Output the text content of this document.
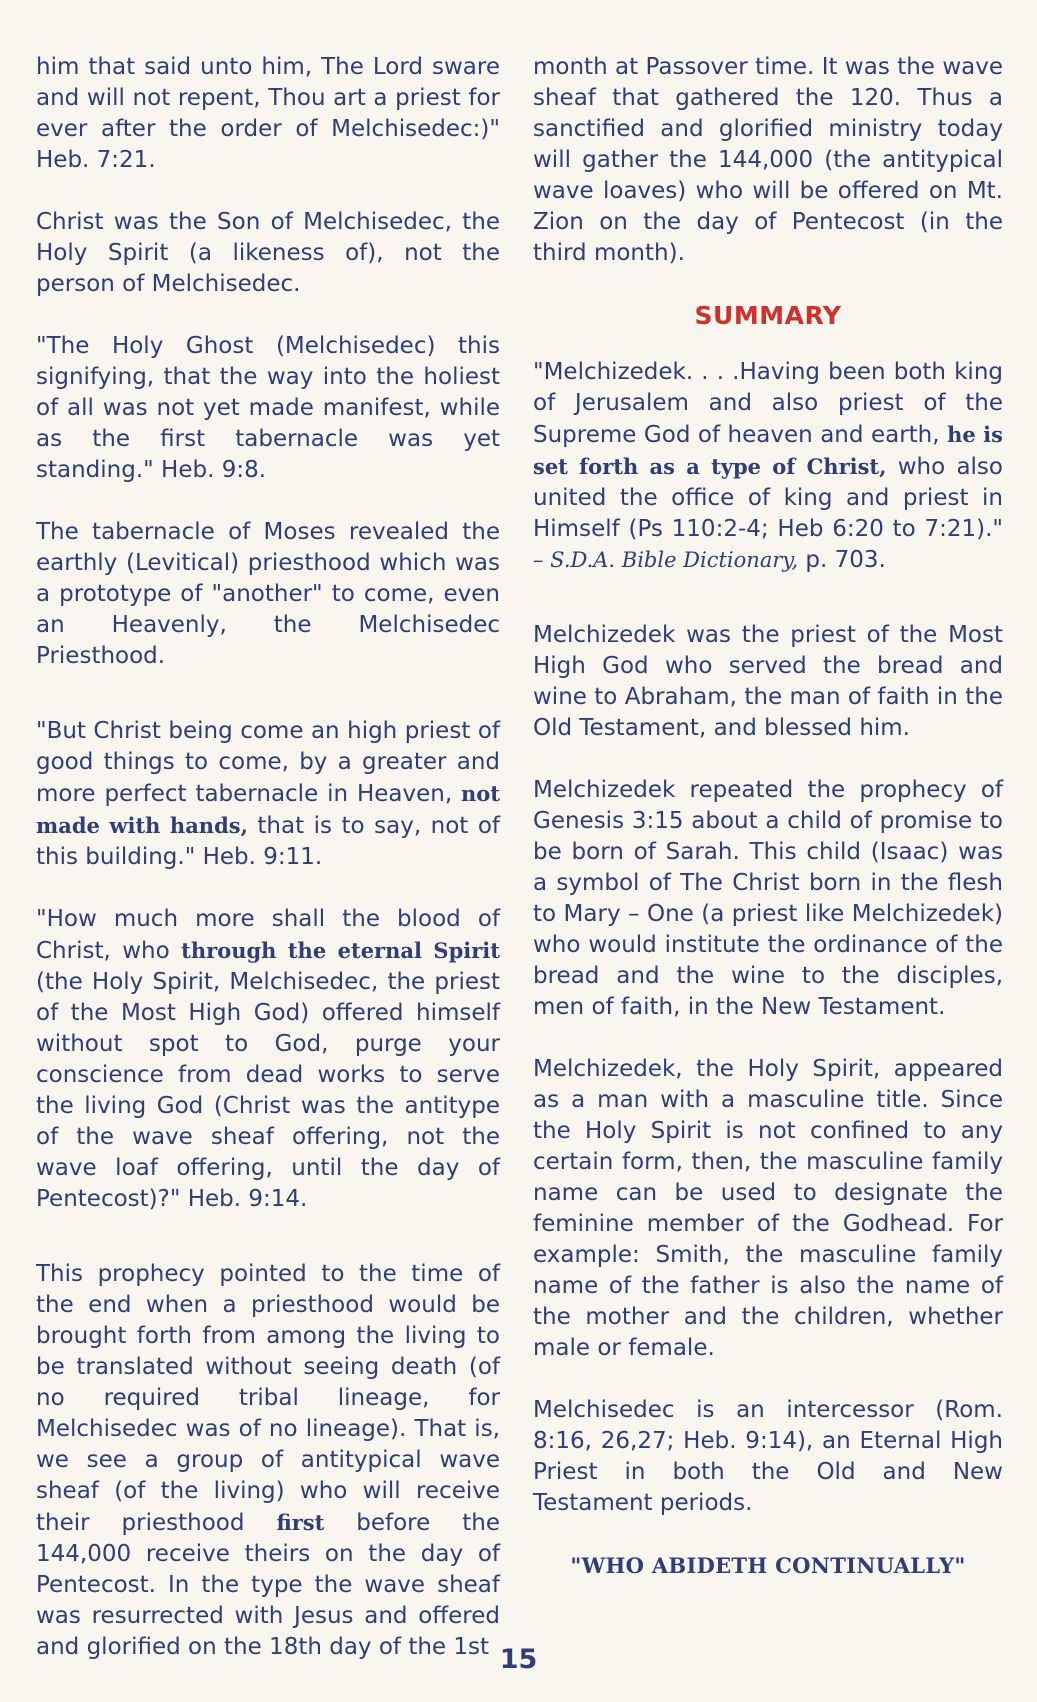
him that said unto him, The Lord sware and will not repent, Thou art a priest for ever after the order of Melchisedec:)" Heb. 7:21.

Christ was the Son of Melchisedec, the Holy Spirit (a likeness of), not the person of Melchisedec.

"The Holy Ghost (Melchisedec) this signifying, that the way into the holiest of all was not yet made manifest, while as the first tabernacle was yet standing." Heb. 9:8.

The tabernacle of Moses revealed the earthly (Levitical) priesthood which was a prototype of "another" to come, even an Heavenly, the Melchisedec Priesthood.

"But Christ being come an high priest of good things to come, by a greater and more perfect tabernacle in Heaven, not made with hands, that is to say, not of this building." Heb. 9:11.

"How much more shall the blood of Christ, who through the eternal Spirit (the Holy Spirit, Melchisedec, the priest of the Most High God) offered himself without spot to God, purge your conscience from dead works to serve the living God (Christ was the antitype of the wave sheaf offering, not the wave loaf offering, until the day of Pentecost)?" Heb. 9:14.

This prophecy pointed to the time of the end when a priesthood would be brought forth from among the living to be translated without seeing death (of no required tribal lineage, for Melchisedec was of no lineage). That is, we see a group of antitypical wave sheaf (of the living) who will receive their priesthood first before the 144,000 receive theirs on the day of Pentecost. In the type the wave sheaf was resurrected with Jesus and offered and glorified on the 18th day of the 1st

month at Passover time. It was the wave sheaf that gathered the 120. Thus a sanctified and glorified ministry today will gather the 144,000 (the antitypical wave loaves) who will be offered on Mt. Zion on the day of Pentecost (in the third month).

SUMMARY

"Melchizedek. . . .Having been both king of Jerusalem and also priest of the Supreme God of heaven and earth, he is set forth as a type of Christ, who also united the office of king and priest in Himself (Ps 110:2-4; Heb 6:20 to 7:21)." – S.D.A. Bible Dictionary, p. 703.

Melchizedek was the priest of the Most High God who served the bread and wine to Abraham, the man of faith in the Old Testament, and blessed him.

Melchizedek repeated the prophecy of Genesis 3:15 about a child of promise to be born of Sarah. This child (Isaac) was a symbol of The Christ born in the flesh to Mary – One (a priest like Melchizedek) who would institute the ordinance of the bread and the wine to the disciples, men of faith, in the New Testament.

Melchizedek, the Holy Spirit, appeared as a man with a masculine title. Since the Holy Spirit is not confined to any certain form, then, the masculine family name can be used to designate the feminine member of the Godhead. For example: Smith, the masculine family name of the father is also the name of the mother and the children, whether male or female.

Melchisedec is an intercessor (Rom. 8:16, 26,27; Heb. 9:14), an Eternal High Priest in both the Old and New Testament periods.

"WHO ABIDETH CONTINUALLY"
15
